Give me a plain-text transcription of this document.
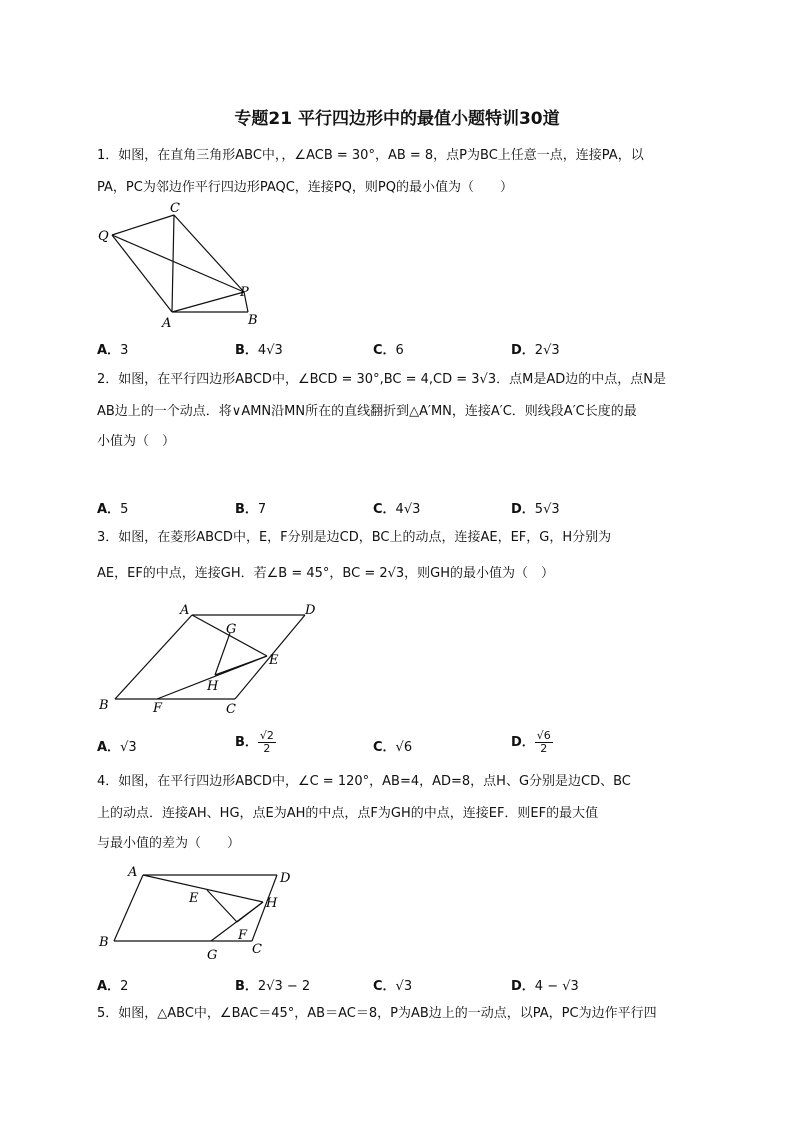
专题21 平行四边形中的最值小题特训30道
1．如图，在直角三角形ABC中，，∠ACB = 30°，AB = 8，点P为BC上任意一点，连接PA，以
PA，PC为邻边作平行四边形PAQC，连接PQ，则PQ的最小值为（　　）
Q
C
P
A	B
A．3	B．4√3	C．6	D．2√3
2．如图，在平行四边形ABCD中，∠BCD = 30°,BC = 4,CD = 3√3．点M是AD边的中点，点N是
AB边上的一个动点．将∨AMN沿MN所在的直线翻折到△A′MN，连接A′C．则线段A′C长度的最
小值为（　）
A．5	B．7	C．4√3	D．5√3
3．如图，在菱形ABCD中，E，F分别是边CD，BC上的动点，连接AE，EF，G，H分别为
AE，EF的中点，连接GH．若∠B = 45°，BC = 2√3，则GH的最小值为（　）
A	D
G
E
H
B	F	C
A．√3	B． $\frac{√2}{2}$	C．√6	D． $\frac{√6}{2}$
4．如图，在平行四边形ABCD中，∠C = 120°，AB=4，AD=8，点H、G分别是边CD、BC
上的动点．连接AH、HG，点E为AH的中点，点F为GH的中点，连接EF．则EF的最大值
与最小值的差为（　　）
A	D
E	H
F
B
G	C
A．2	B．2√3 − 2	C．√3	D．4 − √3
5．如图，△ABC中，∠BAC＝45°，AB＝AC＝8，P为AB边上的一动点，以PA，PC为边作平行四
